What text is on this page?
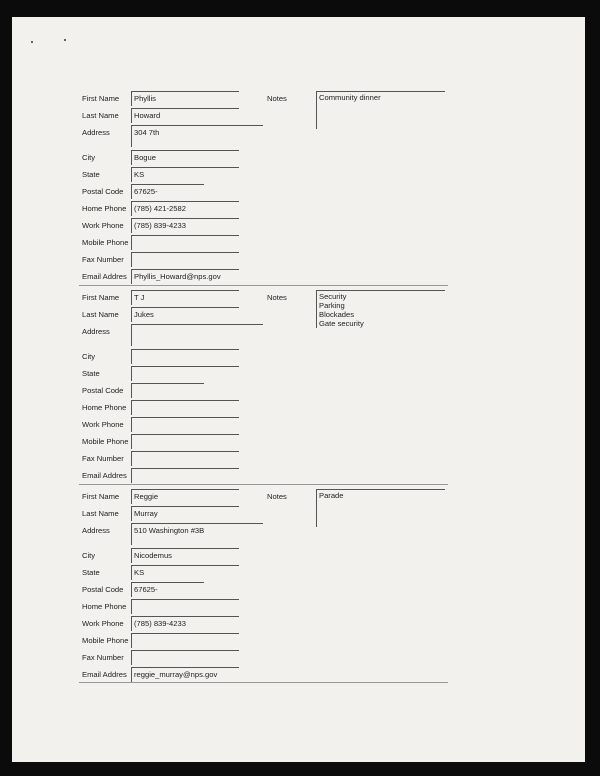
First Name	Phyllis	Notes	Community dinner
Last Name	Howard
Address	304 7th
City	Bogue
State	KS
Postal Code	67625-
Home Phone	(785) 421-2582
Work Phone	(785) 839-4233
Mobile Phone
Fax Number
Email Addres Phyllis_Howard@nps.gov
First Name	T J	Notes	Security
Parking
Blockades
Gate security
Last Name	Jukes
Address
City
State
Postal Code
Home Phone
Work Phone
Mobile Phone
Fax Number
Email Addres
First Name	Reggie	Notes	Parade
Last Name	Murray
Address	510 Washington #3B
City	Nicodemus
State	KS
Postal Code	67625-
Home Phone
Work Phone	(785) 839-4233
Mobile Phone
Fax Number
Email Addres reggie_murray@nps.gov
